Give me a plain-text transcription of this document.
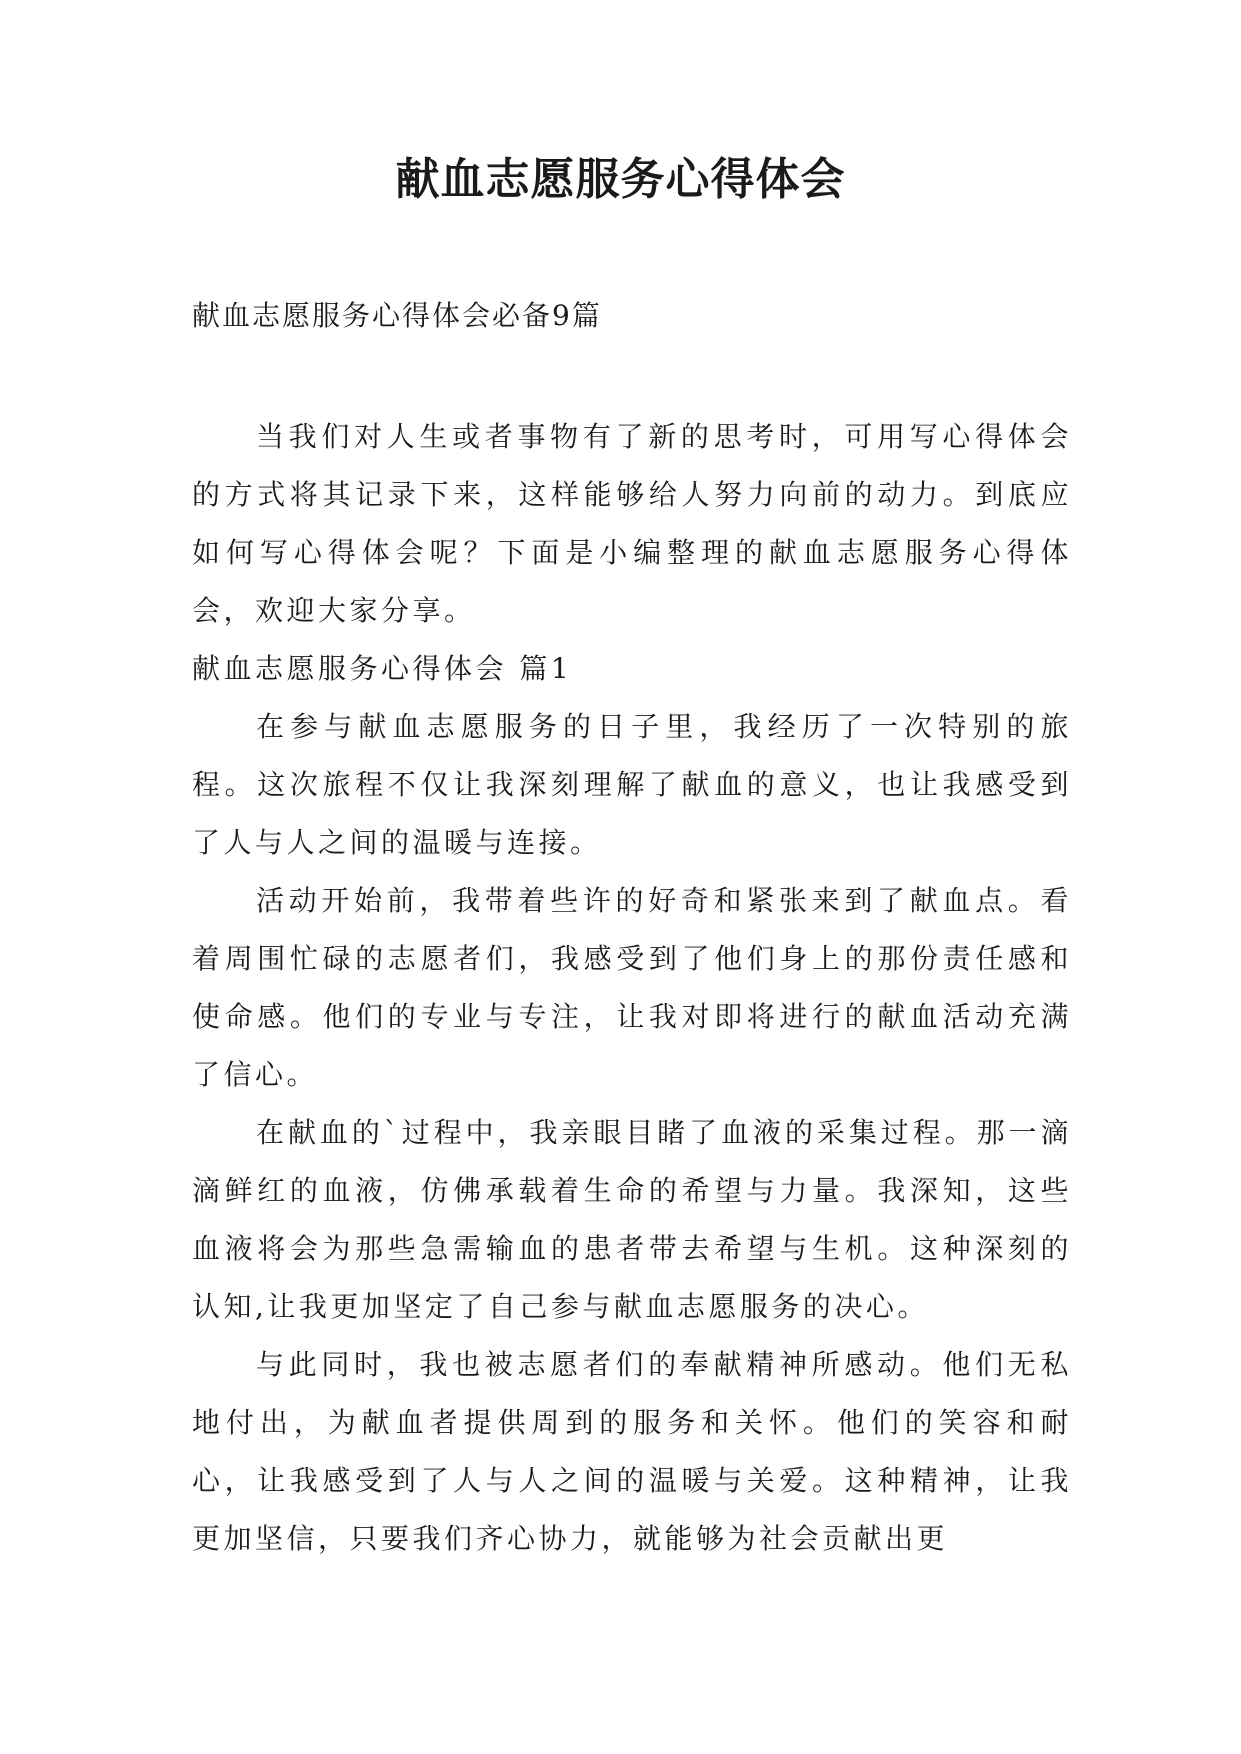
献血志愿服务心得体会

献血志愿服务心得体会必备9篇

当我们对人生或者事物有了新的思考时，可用写心得体会的方式将其记录下来，这样能够给人努力向前的动力。到底应如何写心得体会呢？下面是小编整理的献血志愿服务心得体会，欢迎大家分享。

献血志愿服务心得体会 篇1

在参与献血志愿服务的日子里，我经历了一次特别的旅程。这次旅程不仅让我深刻理解了献血的意义，也让我感受到了人与人之间的温暖与连接。

活动开始前，我带着些许的好奇和紧张来到了献血点。看着周围忙碌的志愿者们，我感受到了他们身上的那份责任感和使命感。他们的专业与专注，让我对即将进行的献血活动充满了信心。

在献血的`过程中，我亲眼目睹了血液的采集过程。那一滴滴鲜红的血液，仿佛承载着生命的希望与力量。我深知，这些血液将会为那些急需输血的患者带去希望与生机。这种深刻的认知,让我更加坚定了自己参与献血志愿服务的决心。

与此同时，我也被志愿者们的奉献精神所感动。他们无私地付出，为献血者提供周到的服务和关怀。他们的笑容和耐心，让我感受到了人与人之间的温暖与关爱。这种精神，让我更加坚信，只要我们齐心协力，就能够为社会贡献出更
